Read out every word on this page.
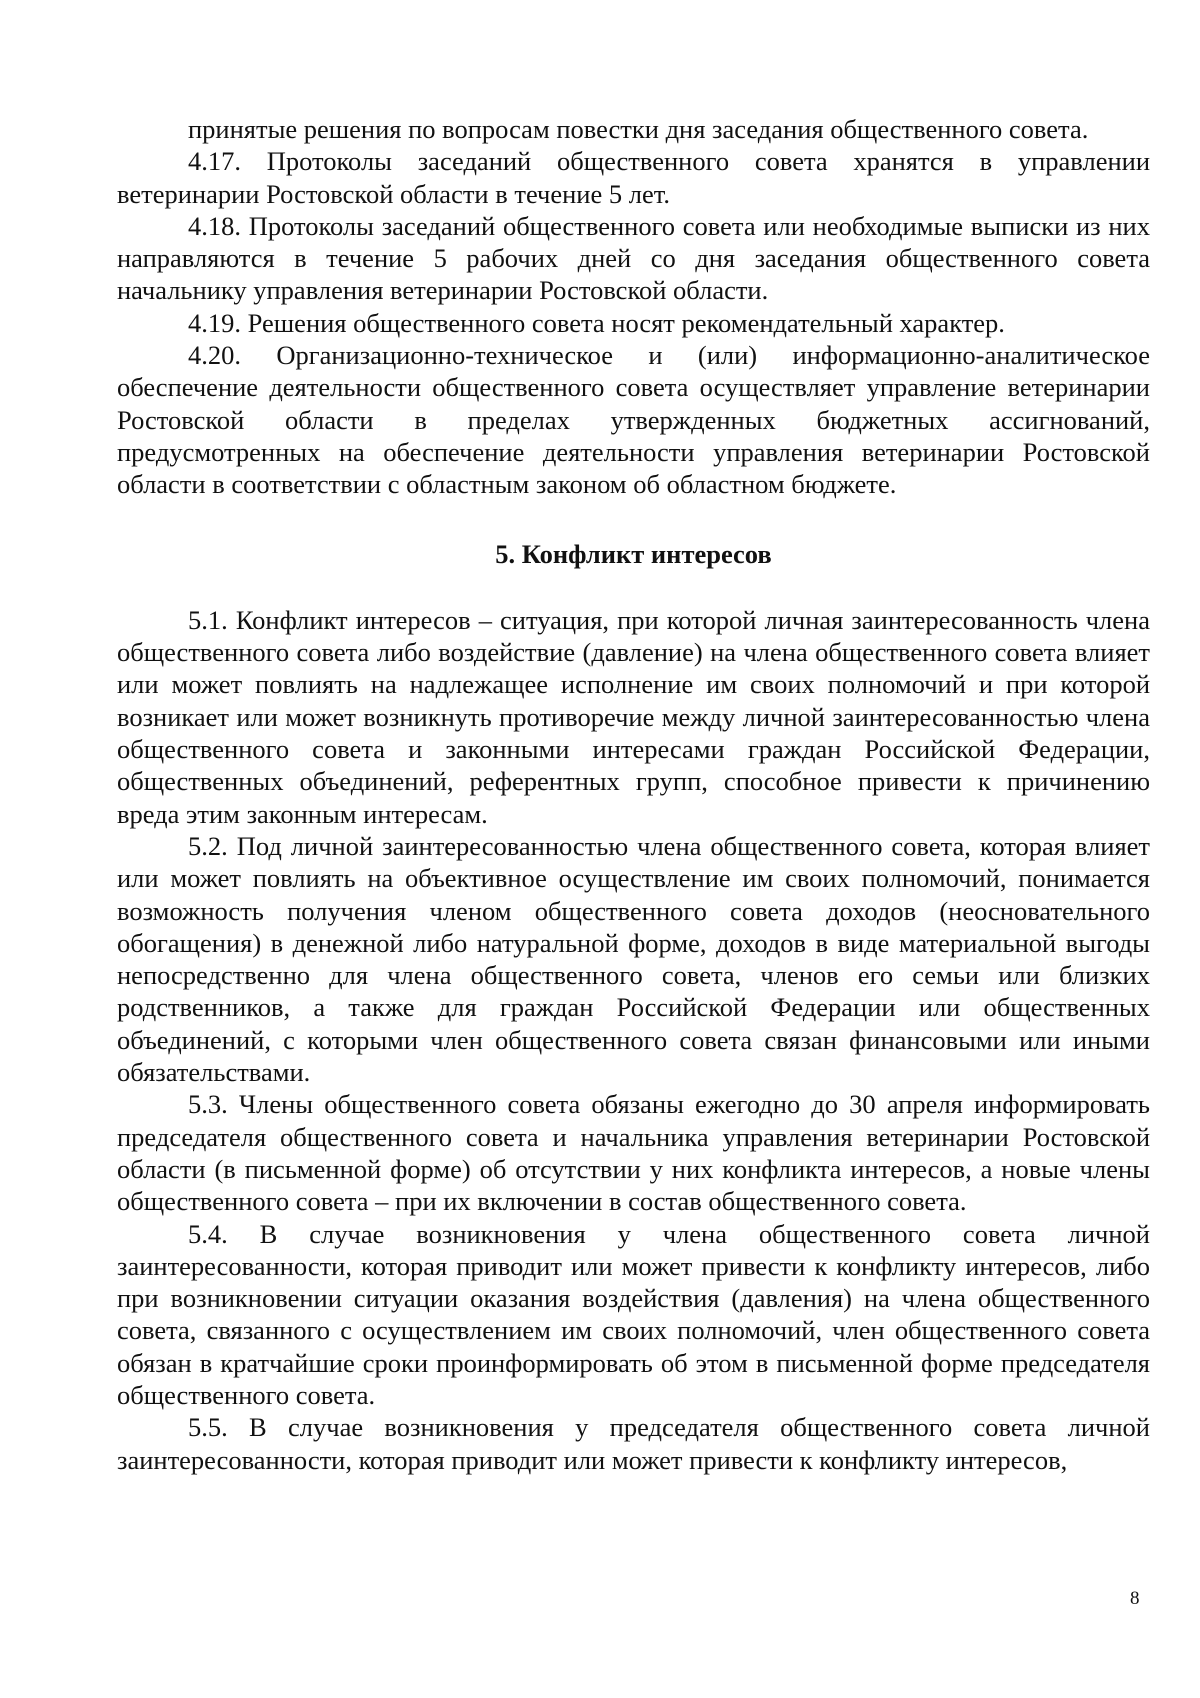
принятые решения по вопросам повестки дня заседания общественного совета.

4.17. Протоколы заседаний общественного совета хранятся в управлении ветеринарии Ростовской области в течение 5 лет.

4.18. Протоколы заседаний общественного совета или необходимые выписки из них направляются в течение 5 рабочих дней со дня заседания общественного совета начальнику управления ветеринарии Ростовской области.

4.19. Решения общественного совета носят рекомендательный характер.

4.20. Организационно-техническое и (или) информационно-аналитическое обеспечение деятельности общественного совета осуществляет управление ветеринарии Ростовской области в пределах утвержденных бюджетных ассигнований, предусмотренных на обеспечение деятельности управления ветеринарии Ростовской области в соответствии с областным законом об областном бюджете.

5. Конфликт интересов

5.1. Конфликт интересов – ситуация, при которой личная заинтересованность члена общественного совета либо воздействие (давление) на члена общественного совета влияет или может повлиять на надлежащее исполнение им своих полномочий и при которой возникает или может возникнуть противоречие между личной заинтересованностью члена общественного совета и законными интересами граждан Российской Федерации, общественных объединений, референтных групп, способное привести к причинению вреда этим законным интересам.

5.2. Под личной заинтересованностью члена общественного совета, которая влияет или может повлиять на объективное осуществление им своих полномочий, понимается возможность получения членом общественного совета доходов (неосновательного обогащения) в денежной либо натуральной форме, доходов в виде материальной выгоды непосредственно для члена общественного совета, членов его семьи или близких родственников, а также для граждан Российской Федерации или общественных объединений, с которыми член общественного совета связан финансовыми или иными обязательствами.

5.3. Члены общественного совета обязаны ежегодно до 30 апреля информировать председателя общественного совета и начальника управления ветеринарии Ростовской области (в письменной форме) об отсутствии у них конфликта интересов, а новые члены общественного совета – при их включении в состав общественного совета.

5.4. В случае возникновения у члена общественного совета личной заинтересованности, которая приводит или может привести к конфликту интересов, либо при возникновении ситуации оказания воздействия (давления) на члена общественного совета, связанного с осуществлением им своих полномочий, член общественного совета обязан в кратчайшие сроки проинформировать об этом в письменной форме председателя общественного совета.

5.5. В случае возникновения у председателя общественного совета личной заинтересованности, которая приводит или может привести к конфликту интересов,

8
